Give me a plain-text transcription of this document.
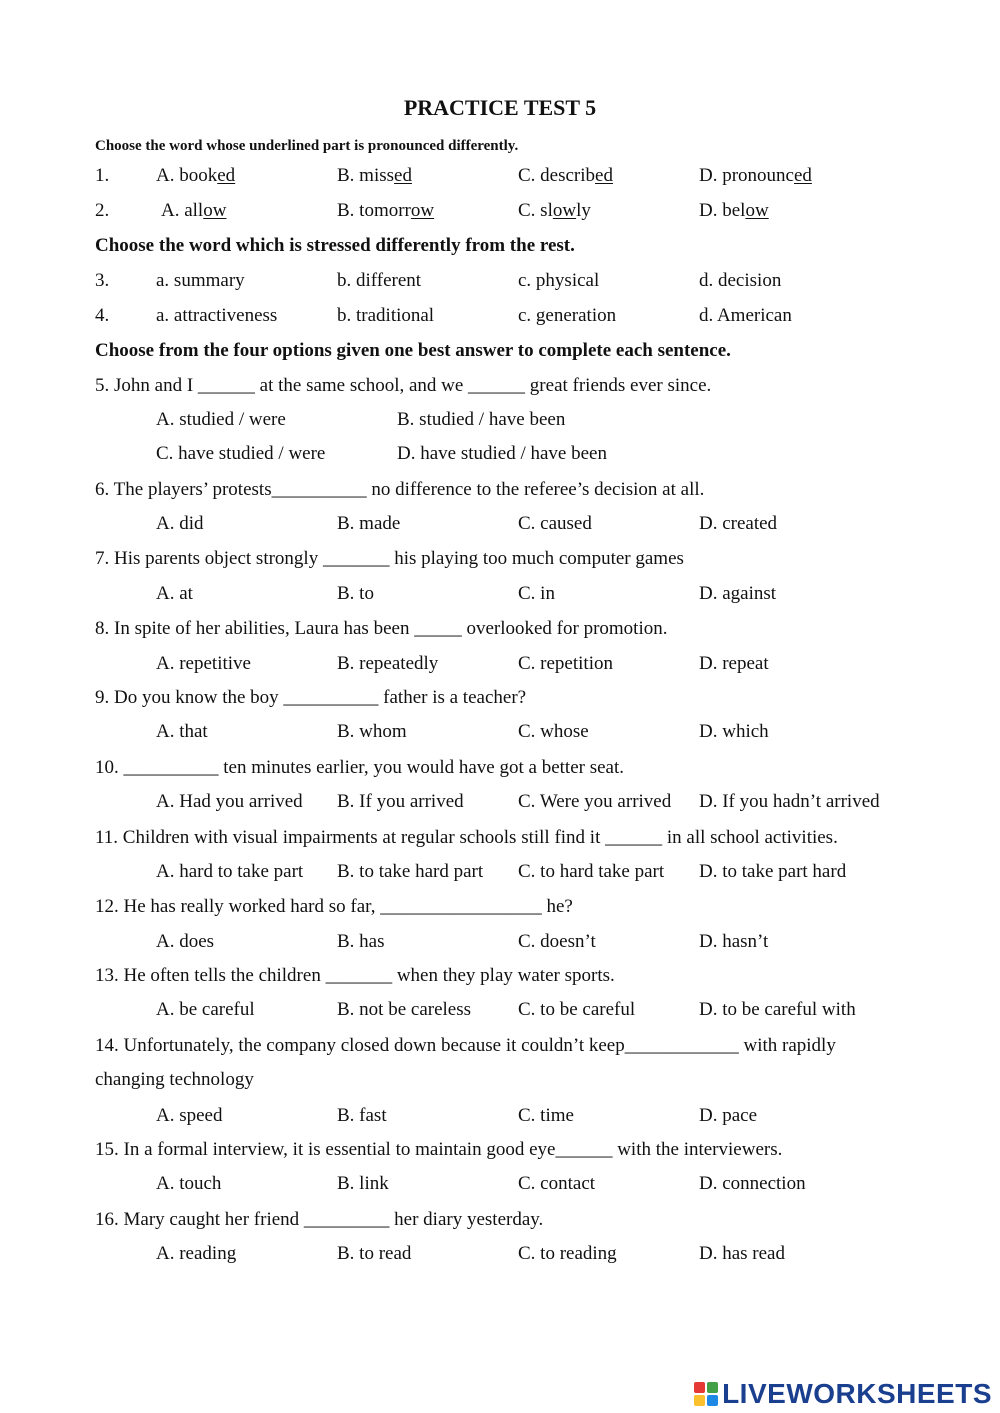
PRACTICE TEST 5
Choose the word whose underlined part is pronounced differently.
1. A. booked	B. missed	C. described	D. pronounced
2.	A. allow	B. tomorrow	C. slowly	D. below
Choose the word which is stressed differently from the rest.
3. a. summary	b. different	c. physical	d. decision
4. a. attractiveness	b. traditional	c. generation	d. American
Choose from the four options given one best answer to complete each sentence.
5. John and I ______ at the same school, and we ______ great friends ever since.
A. studied / were	B. studied / have been
C. have studied / were	D. have studied / have been
6. The players’ protests__________ no difference to the referee’s decision at all.
A. did	B. made	C. caused	D. created
7. His parents object strongly _______ his playing too much computer games
A. at	B. to	C. in	D. against
8. In spite of her abilities, Laura has been _____ overlooked for promotion.
A. repetitive	B. repeatedly	C. repetition	D. repeat
9. Do you know the boy __________ father is a teacher?
A. that	B. whom	C. whose	D. which
10. __________ ten minutes earlier, you would have got a better seat.
A. Had you arrived B. If you arrived	C. Were you arrived D. If you hadn’t arrived
11. Children with visual impairments at regular schools still find it ______ in all school activities.
A. hard to take part B. to take hard part C. to hard take part D. to take part hard
12. He has really worked hard so far, _________________ he?
A. does	B. has	C. doesn’t	D. hasn’t
13. He often tells the children _______ when they play water sports.
A. be careful	B. not be careless C. to be careful	D. to be careful with
14. Unfortunately, the company closed down because it couldn’t keep____________ with rapidly
changing technology
A. speed	B. fast	C. time	D. pace
15. In a formal interview, it is essential to maintain good eye______ with the interviewers.
A. touch	B. link	C. contact	D. connection
16. Mary caught her friend _________ her diary yesterday.
A. reading	B. to read	C. to reading	D. has read
LIVEWORKSHEETS
